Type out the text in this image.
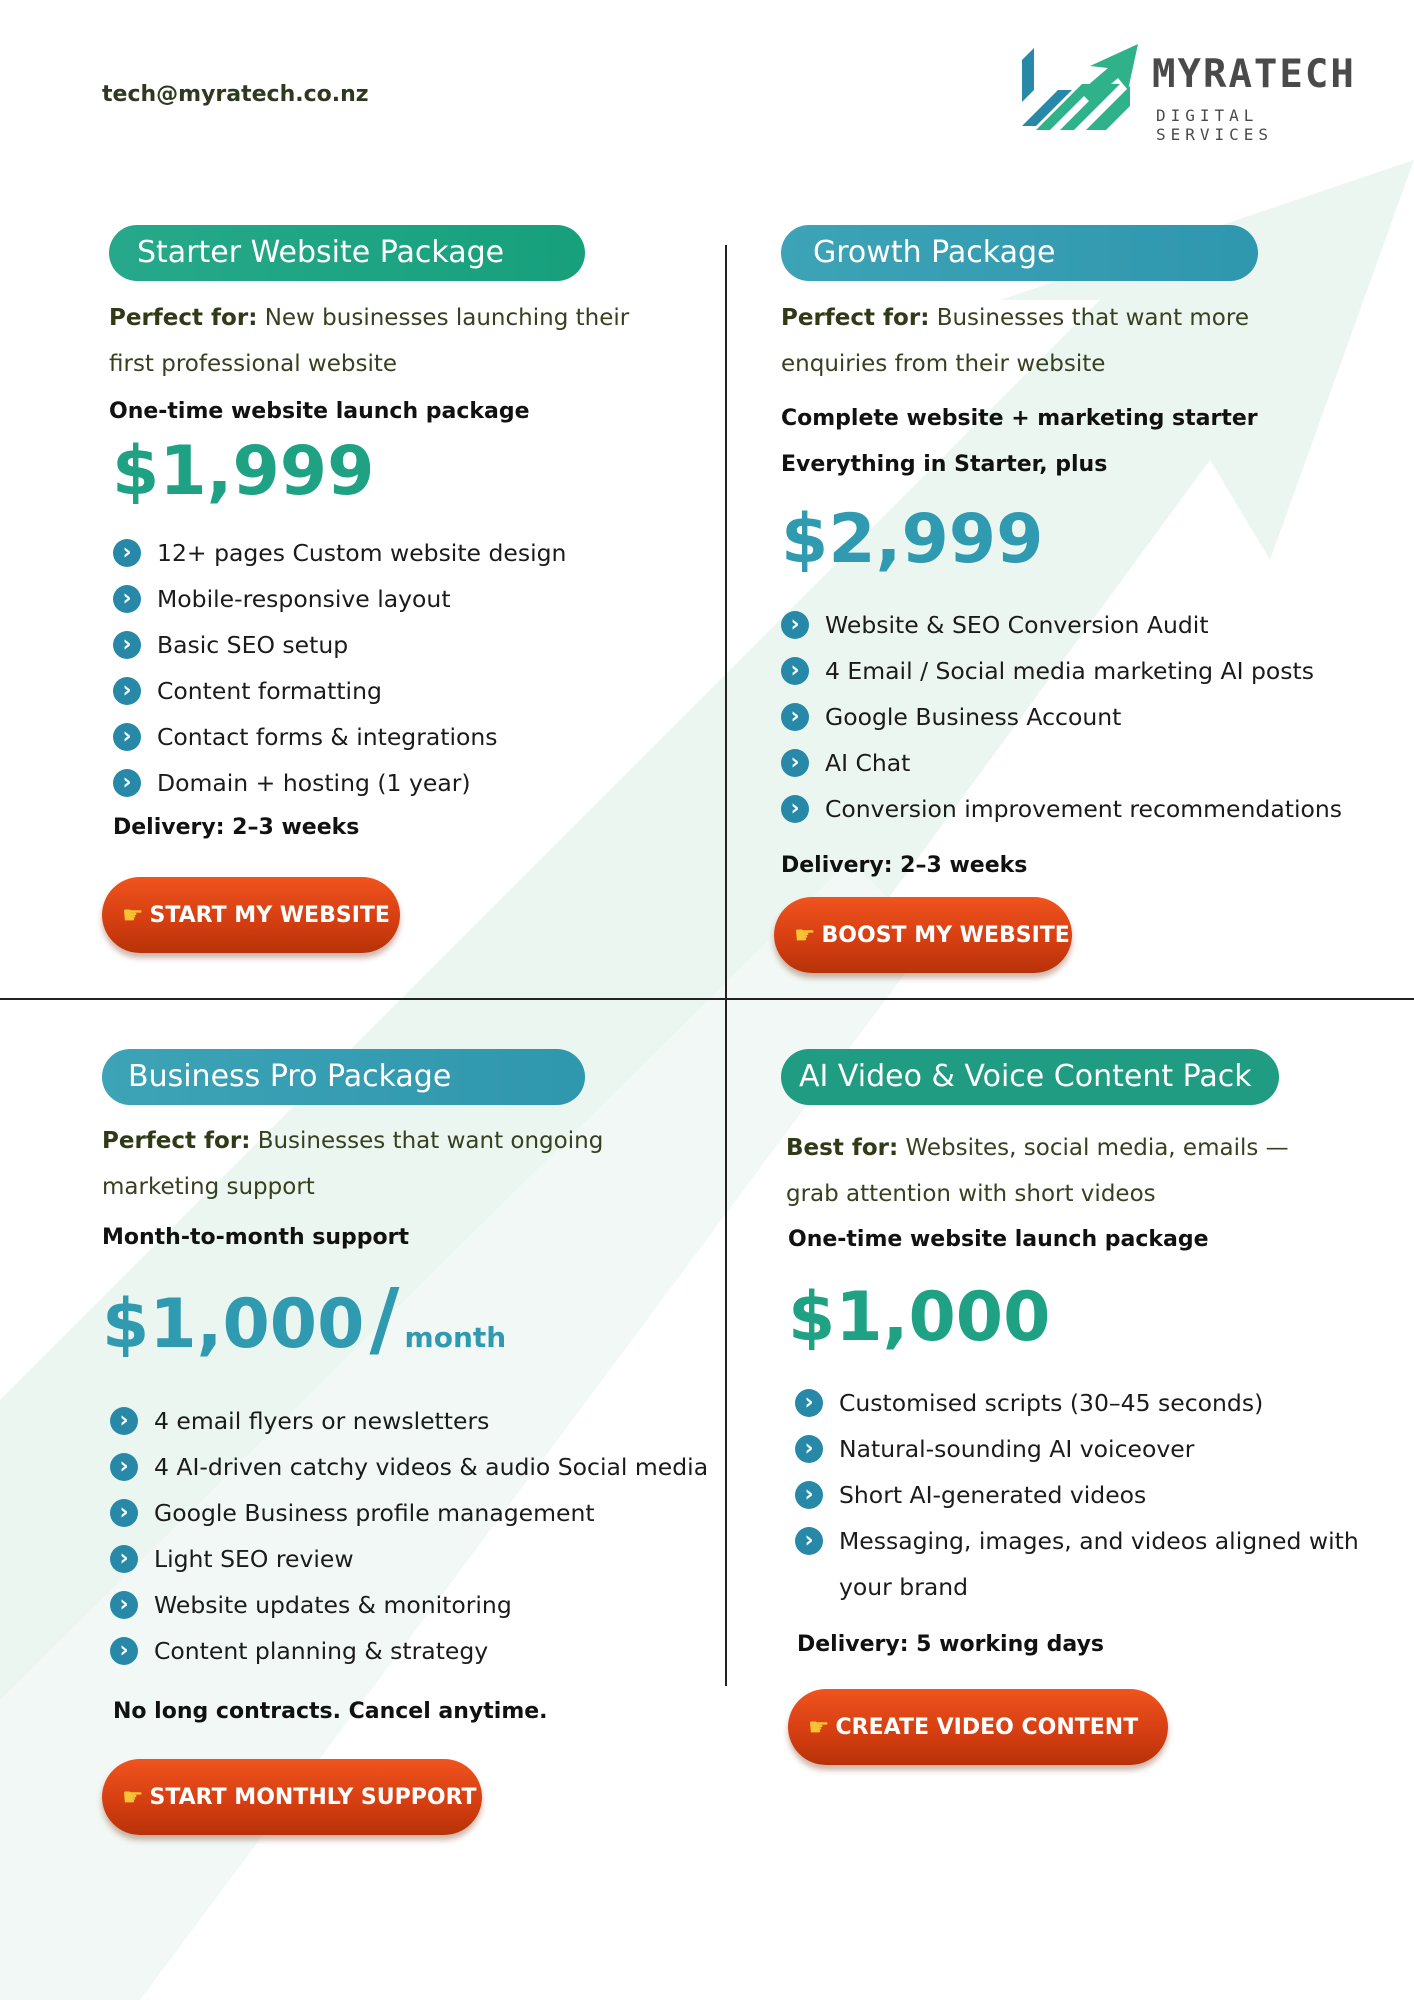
tech@myratech.co.nz	MYRATECH
DIGITAL SERVICES
Starter Website Package
Perfect for: New businesses launching their
first professional website
One-time website launch package
$1,999
›	12+ pages Custom website design
›	Mobile-responsive layout
›	Basic SEO setup
›	Content formatting
›	Contact forms & integrations
›	Domain + hosting (1 year)
Delivery: 2–3 weeks
☛ START MY WEBSITE
Growth Package
Perfect for: Businesses that want more
enquiries from their website
Complete website + marketing starter
Everything in Starter, plus
$2,999
›	Website & SEO Conversion Audit
›	4 Email / Social media marketing AI posts
›	Google Business Account
›	AI Chat
›	Conversion improvement recommendations
Delivery: 2–3 weeks
☛ BOOST MY WEBSITE
Business Pro Package
Perfect for: Businesses that want ongoing
marketing support
Month-to-month support
$1,000 / month
›	4 email flyers or newsletters
›	4 AI-driven catchy videos & audio Social media
›	Google Business profile management
›	Light SEO review
›	Website updates & monitoring
›	Content planning & strategy
No long contracts. Cancel anytime.
☛ START MONTHLY SUPPORT
AI Video & Voice Content Pack
Best for: Websites, social media, emails —
grab attention with short videos
One-time website launch package
$1,000
›	Customised scripts (30–45 seconds)
›	Natural-sounding AI voiceover
›	Short AI-generated videos
›	Messaging, images, and videos aligned with
your brand
Delivery: 5 working days
☛ CREATE VIDEO CONTENT
